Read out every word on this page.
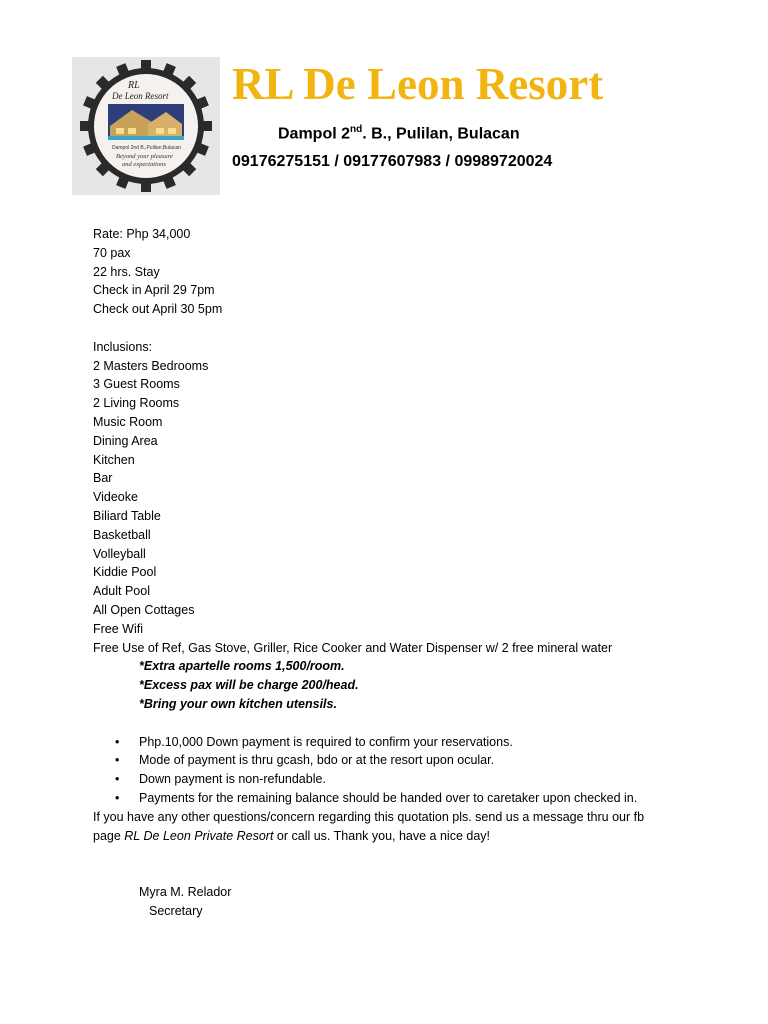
RL
De Leon Resort
Dampol 2nd B.,Pulilan,Bulacan
Beyond your pleasure
and expectations
RL De Leon Resort
Dampol 2nd. B., Pulilan, Bulacan
09176275151 / 09177607983 / 09989720024
Rate: Php 34,000
70 pax
22 hrs. Stay
Check in April 29 7pm
Check out April 30 5pm
Inclusions:
2 Masters Bedrooms
3 Guest Rooms
2 Living Rooms
Music Room
Dining Area
Kitchen
Bar
Videoke
Biliard Table
Basketball
Volleyball
Kiddie Pool
Adult Pool
All Open Cottages
Free Wifi
Free Use of Ref, Gas Stove, Griller, Rice Cooker and Water Dispenser w/ 2 free mineral water
*Extra apartelle rooms 1,500/room.
*Excess pax will be charge 200/head.
*Bring your own kitchen utensils.
• Php.10,000 Down payment is required to confirm your reservations.
• Mode of payment is thru gcash, bdo or at the resort upon ocular.
• Down payment is non-refundable.
• Payments for the remaining balance should be handed over to caretaker upon checked in.
If you have any other questions/concern regarding this quotation pls. send us a message thru our fb
page RL De Leon Private Resort or call us. Thank you, have a nice day!
Myra M. Relador
Secretary
